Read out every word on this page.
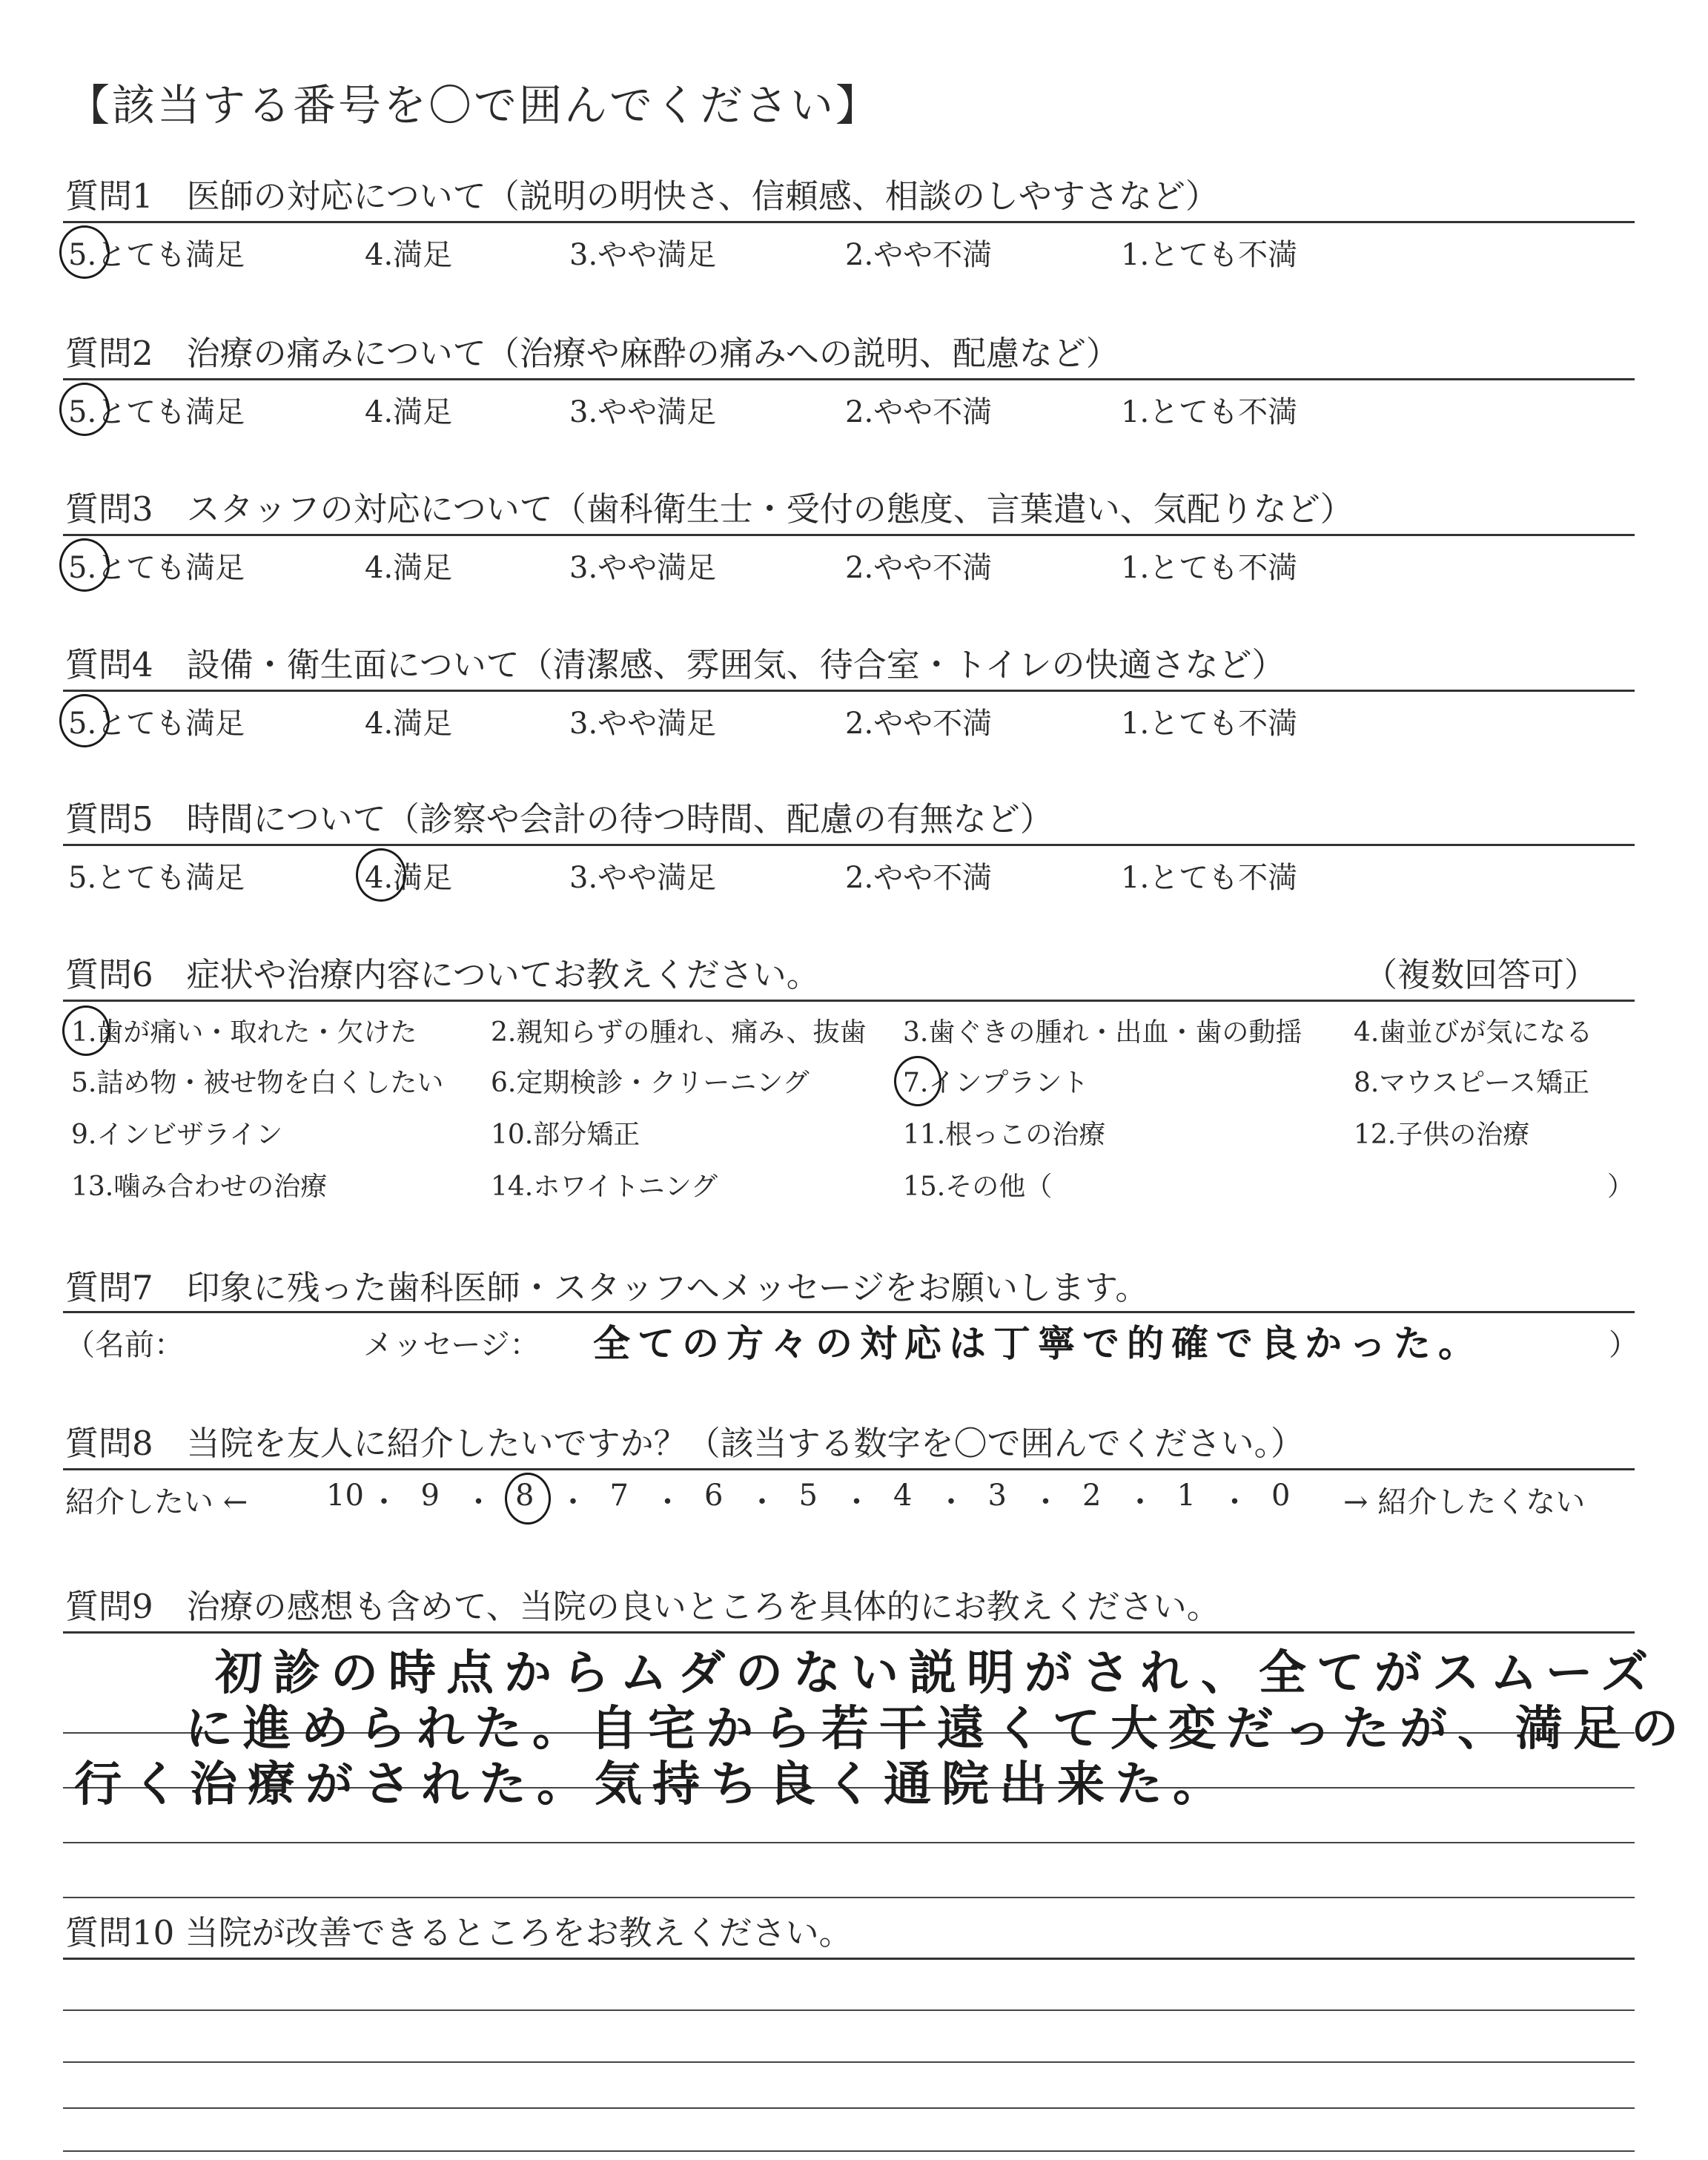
【該当する番号を〇で囲んでください】
質問1　医師の対応について（説明の明快さ、信頼感、相談のしやすさなど）
5.とても満足	4.満足	3.やや満足	2.やや不満	1.とても不満
質問2　治療の痛みについて（治療や麻酔の痛みへの説明、配慮など）
5.とても満足	4.満足	3.やや満足	2.やや不満	1.とても不満
質問3　スタッフの対応について（歯科衛生士・受付の態度、言葉遣い、気配りなど）
5.とても満足	4.満足	3.やや満足	2.やや不満	1.とても不満
質問4　設備・衛生面について（清潔感、雰囲気、待合室・トイレの快適さなど）
5.とても満足	4.満足	3.やや満足	2.やや不満	1.とても不満
質問5　時間について（診察や会計の待つ時間、配慮の有無など）
5.とても満足	4.満足	3.やや満足	2.やや不満	1.とても不満
質問6　症状や治療内容についてお教えください。	（複数回答可）
1.歯が痛い・取れた・欠けた	2.親知らずの腫れ、痛み、抜歯 3.歯ぐきの腫れ・出血・歯の動揺 4.歯並びが気になる
5.詰め物・被せ物を白くしたい 6.定期検診・クリーニング	7.インプラント	8.マウスピース矯正
9.インビザライン	10.部分矯正	11.根っこの治療	12.子供の治療
13.噛み合わせの治療	14.ホワイトニング	15.その他（	）
質問7　印象に残った歯科医師・スタッフへメッセージをお願いします。
（名前：	メッセージ： 全ての方々の対応は丁寧で的確で良かった。	）
質問8　当院を友人に紹介したいですか？（該当する数字を〇で囲んでください。）
紹介したい ←	10 ・ 9 ・ 8 ・ 7 ・ 6 ・ 5 ・ 4 ・ 3 ・ 2 ・ 1 ・ 0 → 紹介したくない
質問9　治療の感想も含めて、当院の良いところを具体的にお教えください。
初診の時点からムダのない説明がされ、全てがスムーズ
に進められた。自宅から若干遠くて大変だったが、満足の
行く治療がされた。気持ち良く通院出来た。
質問10 当院が改善できるところをお教えください。
